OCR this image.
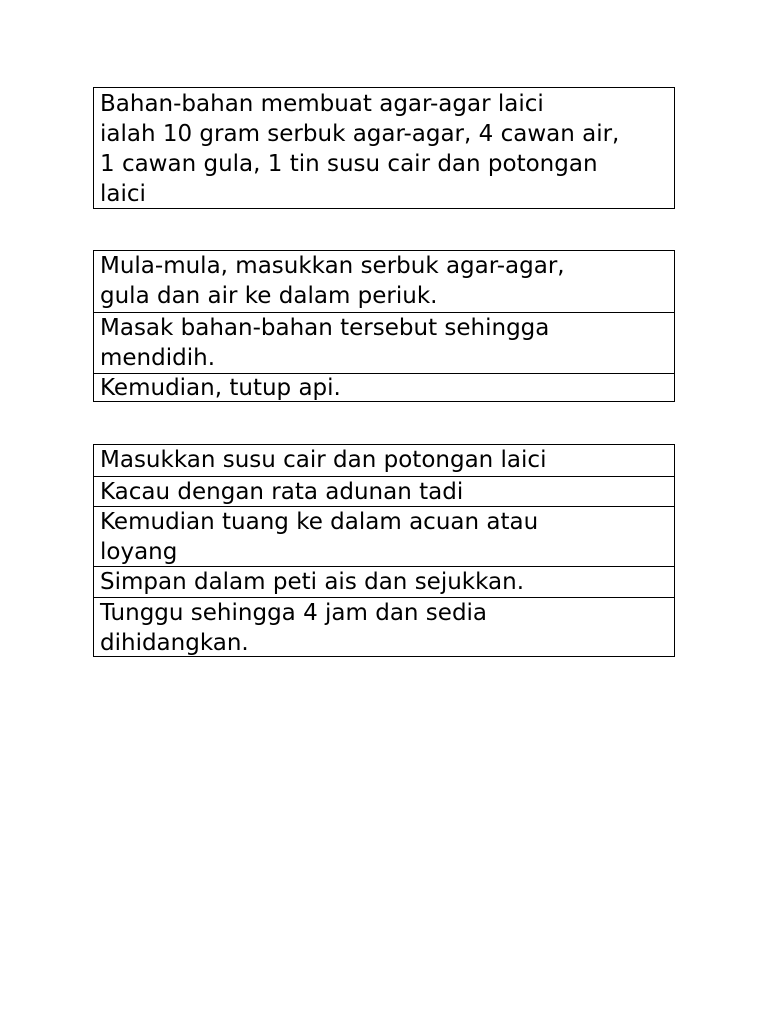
Bahan-bahan membuat agar-agar laici
ialah 10 gram serbuk agar-agar, 4 cawan air,
1 cawan gula, 1 tin susu cair dan potongan
laici
Mula-mula, masukkan serbuk agar-agar,
gula dan air ke dalam periuk.
Masak bahan-bahan tersebut sehingga
mendidih.
Kemudian, tutup api.
Masukkan susu cair dan potongan laici
Kacau dengan rata adunan tadi
Kemudian tuang ke dalam acuan atau
loyang
Simpan dalam peti ais dan sejukkan.
Tunggu sehingga 4 jam dan sedia
dihidangkan.
